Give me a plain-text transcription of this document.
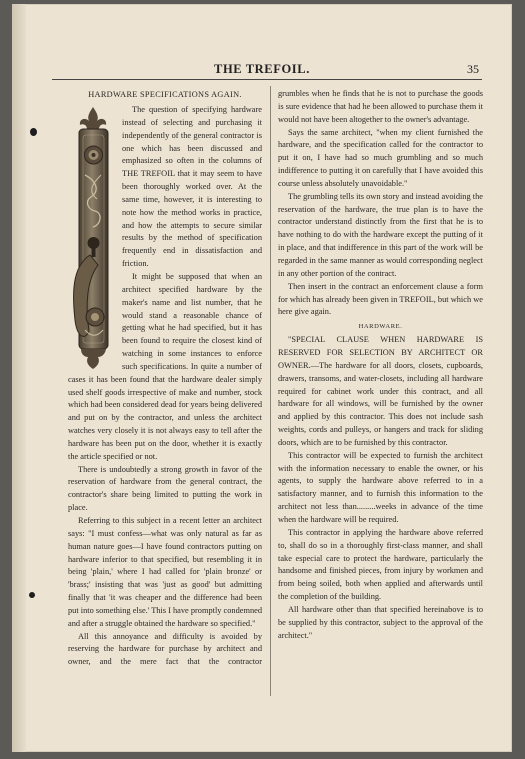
THE TREFOIL.	35

HARDWARE SPECIFICATIONS AGAIN.

The question of specifying hardware instead of selecting and purchasing it independently of the general contractor is one which has been discussed and emphasized so often in the columns of THE TREFOIL that it may seem to have been thoroughly worked over. At the same time, however, it is interesting to note how the method works in practice, and how the attempts to secure similar results by the method of specification frequently end in dissatisfaction and friction.

It might be supposed that when an architect specified hardware by the maker's name and list number, that he would stand a reasonable chance of getting what he had specified, but it has been found to require the closest kind of watching in some instances to enforce such specifications. In quite a number of cases it has been found that the hardware dealer simply used shelf goods irrespective of make and number, stock which had been considered dead for years being delivered and put on by the contractor, and unless the architect watches very closely it is not always easy to tell after the hardware has been put on the door, whether it is exactly the article specified or not.

There is undoubtedly a strong growth in favor of the reservation of hardware from the general contract, the contractor's share being limited to putting the work in place.

Referring to this subject in a recent letter an architect says: "I must confess—what was only natural as far as human nature goes—I have found contractors putting on hardware inferior to that specified, but resembling it in being 'plain,' where I had called for 'plain bronze' or 'brass;' insisting that was 'just as good' but admitting finally that 'it was cheaper and the difference had been put into something else.' This I have promptly condemned and after a struggle obtained the hardware so specified."

All this annoyance and difficulty is avoided by reserving the hardware for purchase by architect and owner, and the mere fact that the contractor

grumbles when he finds that he is not to purchase the goods is sure evidence that had he been allowed to purchase them it would not have been altogether to the owner's advantage.

Says the same architect, "when my client furnished the hardware, and the specification called for the contractor to put it on, I have had so much grumbling and so much indifference to putting it on carefully that I have avoided this course unless absolutely unavoidable."

The grumbling tells its own story and instead avoiding the reservation of the hardware, the true plan is to have the contractor understand distinctly from the first that he is to have nothing to do with the hardware except the putting of it in place, and that indifference in this part of the work will be regarded in the same manner as would corresponding neglect in any other portion of the contract.

Then insert in the contract an enforcement clause a form for which has already been given in TREFOIL, but which we here give again.

HARDWARE.

"SPECIAL CLAUSE WHEN HARDWARE IS RESERVED FOR SELECTION BY ARCHITECT OR OWNER.—The hardware for all doors, closets, cupboards, drawers, transoms, and water-closets, including all hardware required for cabinet work under this contract, and all hardware for all windows, will be furnished by the owner and applied by this contractor. This does not include sash weights, cords and pulleys, or hangers and track for sliding doors, which are to be furnished by this contractor.

This contractor will be expected to furnish the architect with the information necessary to enable the owner, or his agents, to supply the hardware above referred to in a satisfactory manner, and to furnish this information to the architect not less than.........weeks in advance of the time when the hardware will be required.

This contractor in applying the hardware above referred to, shall do so in a thoroughly first-class manner, and shall take especial care to protect the hardware, particularly the handsome and finished pieces, from injury by workmen and from being soiled, both when applied and afterwards until the completion of the building.

All hardware other than that specified hereinabove is to be supplied by this contractor, subject to the approval of the architect."
